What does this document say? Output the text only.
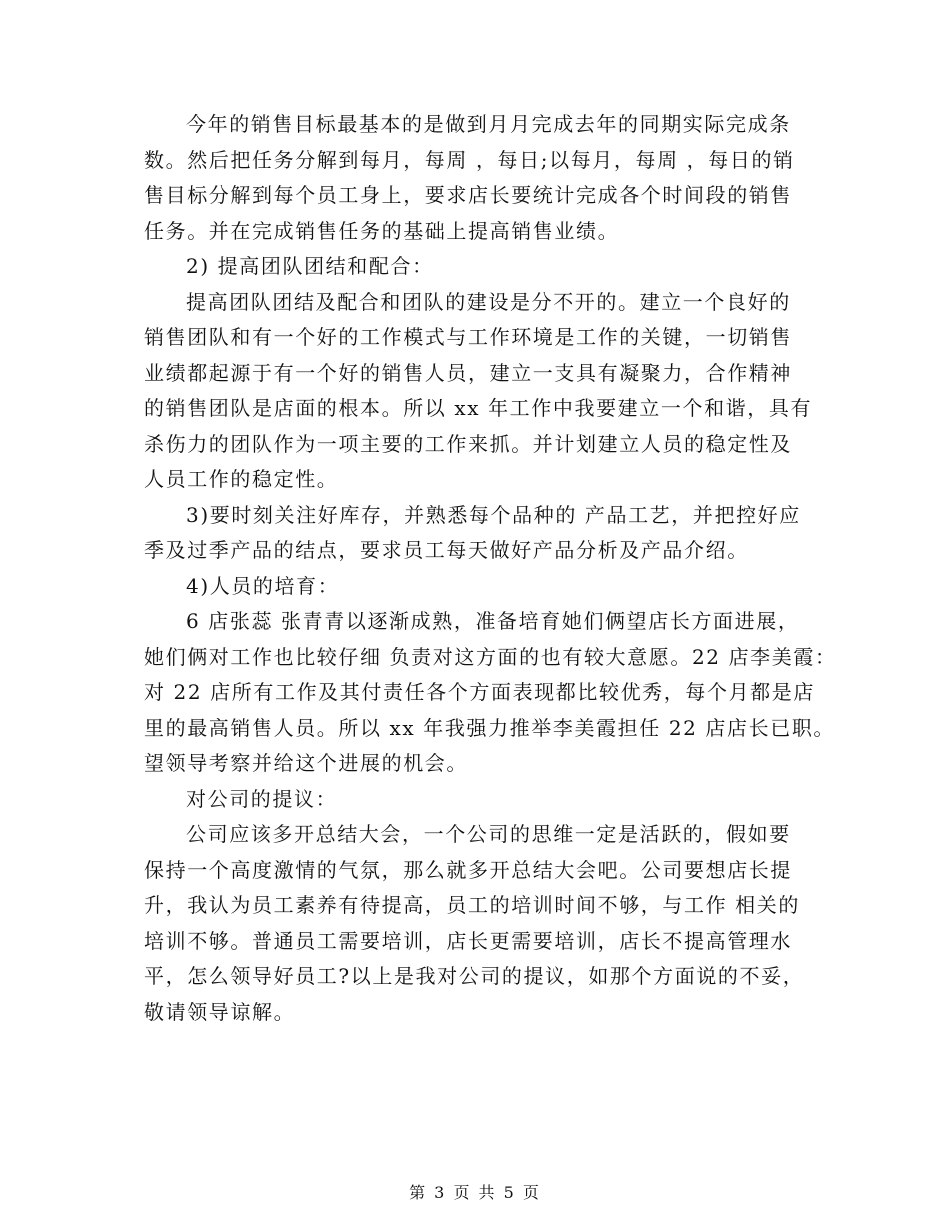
今年的销售目标最基本的是做到月月完成去年的同期实际完成条
数。然后把任务分解到每月，每周 ，每日;以每月，每周 ，每日的销
售目标分解到每个员工身上，要求店长要统计完成各个时间段的销售
任务。并在完成销售任务的基础上提高销售业绩。
2) 提高团队团结和配合：
提高团队团结及配合和团队的建设是分不开的。建立一个良好的
销售团队和有一个好的工作模式与工作环境是工作的关键，一切销售
业绩都起源于有一个好的销售人员，建立一支具有凝聚力，合作精神
的销售团队是店面的根本。所以 xx 年工作中我要建立一个和谐，具有
杀伤力的团队作为一项主要的工作来抓。并计划建立人员的稳定性及
人员工作的稳定性。
3)要时刻关注好库存，并熟悉每个品种的 产品工艺，并把控好应
季及过季产品的结点，要求员工每天做好产品分析及产品介绍。
4)人员的培育：
6 店张蕊 张青青以逐渐成熟，准备培育她们俩望店长方面进展，
她们俩对工作也比较仔细 负责对这方面的也有较大意愿。22 店李美霞：
对 22 店所有工作及其付责任各个方面表现都比较优秀，每个月都是店
里的最高销售人员。所以 xx 年我强力推举李美霞担任 22 店店长已职。
望领导考察并给这个进展的机会。
对公司的提议：
公司应该多开总结大会，一个公司的思维一定是活跃的，假如要
保持一个高度激情的气氛，那么就多开总结大会吧。公司要想店长提
升，我认为员工素养有待提高，员工的培训时间不够，与工作 相关的
培训不够。普通员工需要培训，店长更需要培训，店长不提高管理水
平，怎么领导好员工?以上是我对公司的提议，如那个方面说的不妥，
敬请领导谅解。
第 3 页 共 5 页
